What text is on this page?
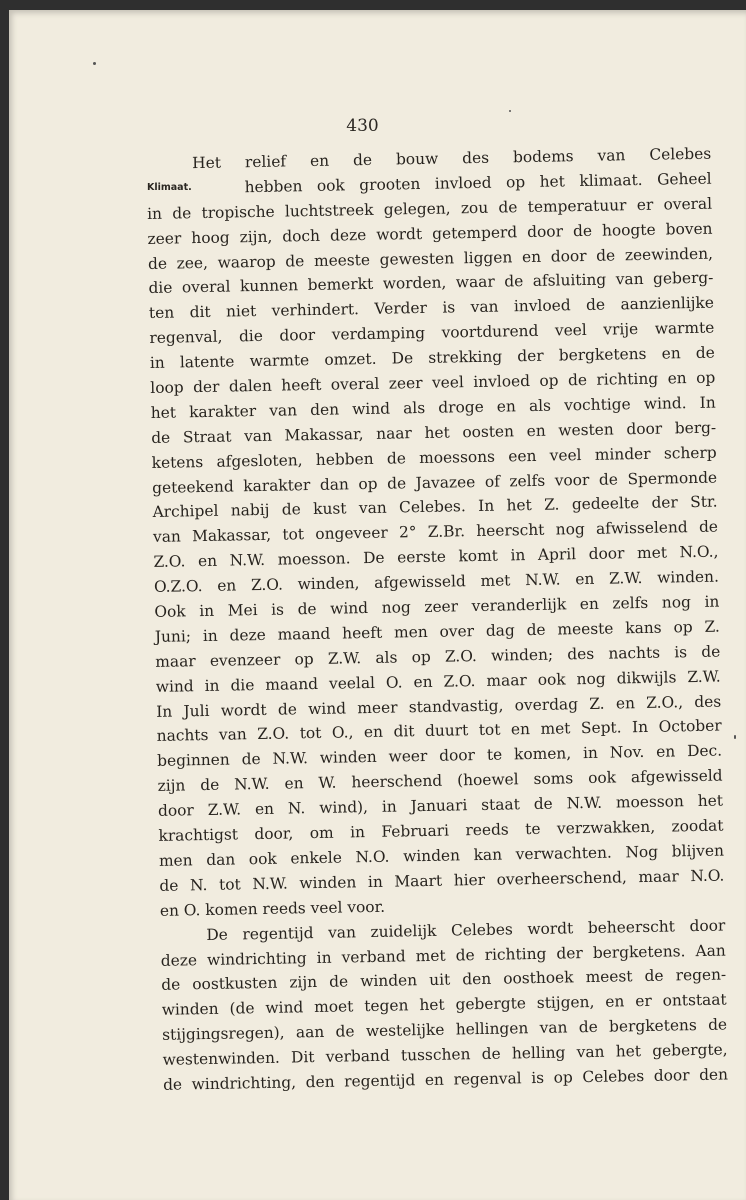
430
Klimaat.
Het relief en de bouw des bodems van Celebes
hebben ook grooten invloed op het klimaat. Geheel
in de tropische luchtstreek gelegen, zou de temperatuur er overal
zeer hoog zijn, doch deze wordt getemperd door de hoogte boven
de zee, waarop de meeste gewesten liggen en door de zeewinden,
die overal kunnen bemerkt worden, waar de afsluiting van geberg-
ten dit niet verhindert. Verder is van invloed de aanzienlijke
regenval, die door verdamping voortdurend veel vrije warmte
in latente warmte omzet. De strekking der bergketens en de
loop der dalen heeft overal zeer veel invloed op de richting en op
het karakter van den wind als droge en als vochtige wind. In
de Straat van Makassar, naar het oosten en westen door berg-
ketens afgesloten, hebben de moessons een veel minder scherp
geteekend karakter dan op de Javazee of zelfs voor de Spermonde
Archipel nabij de kust van Celebes. In het Z. gedeelte der Str.
van Makassar, tot ongeveer 2° Z.Br. heerscht nog afwisselend de
Z.O. en N.W. moesson. De eerste komt in April door met N.O.,
O.Z.O. en Z.O. winden, afgewisseld met N.W. en Z.W. winden.
Ook in Mei is de wind nog zeer veranderlijk en zelfs nog in
Juni; in deze maand heeft men over dag de meeste kans op Z.
maar evenzeer op Z.W. als op Z.O. winden; des nachts is de
wind in die maand veelal O. en Z.O. maar ook nog dikwijls Z.W.
In Juli wordt de wind meer standvastig, overdag Z. en Z.O., des
nachts van Z.O. tot O., en dit duurt tot en met Sept. In October
beginnen de N.W. winden weer door te komen, in Nov. en Dec.
zijn de N.W. en W. heerschend (hoewel soms ook afgewisseld
door Z.W. en N. wind), in Januari staat de N.W. moesson het
krachtigst door, om in Februari reeds te verzwakken, zoodat
men dan ook enkele N.O. winden kan verwachten. Nog blijven
de N. tot N.W. winden in Maart hier overheerschend, maar N.O.
en O. komen reeds veel voor.
De regentijd van zuidelijk Celebes wordt beheerscht door
deze windrichting in verband met de richting der bergketens. Aan
de oostkusten zijn de winden uit den oosthoek meest de regen-
winden (de wind moet tegen het gebergte stijgen, en er ontstaat
stijgingsregen), aan de westelijke hellingen van de bergketens de
westenwinden. Dit verband tusschen de helling van het gebergte,
de windrichting, den regentijd en regenval is op Celebes door den
